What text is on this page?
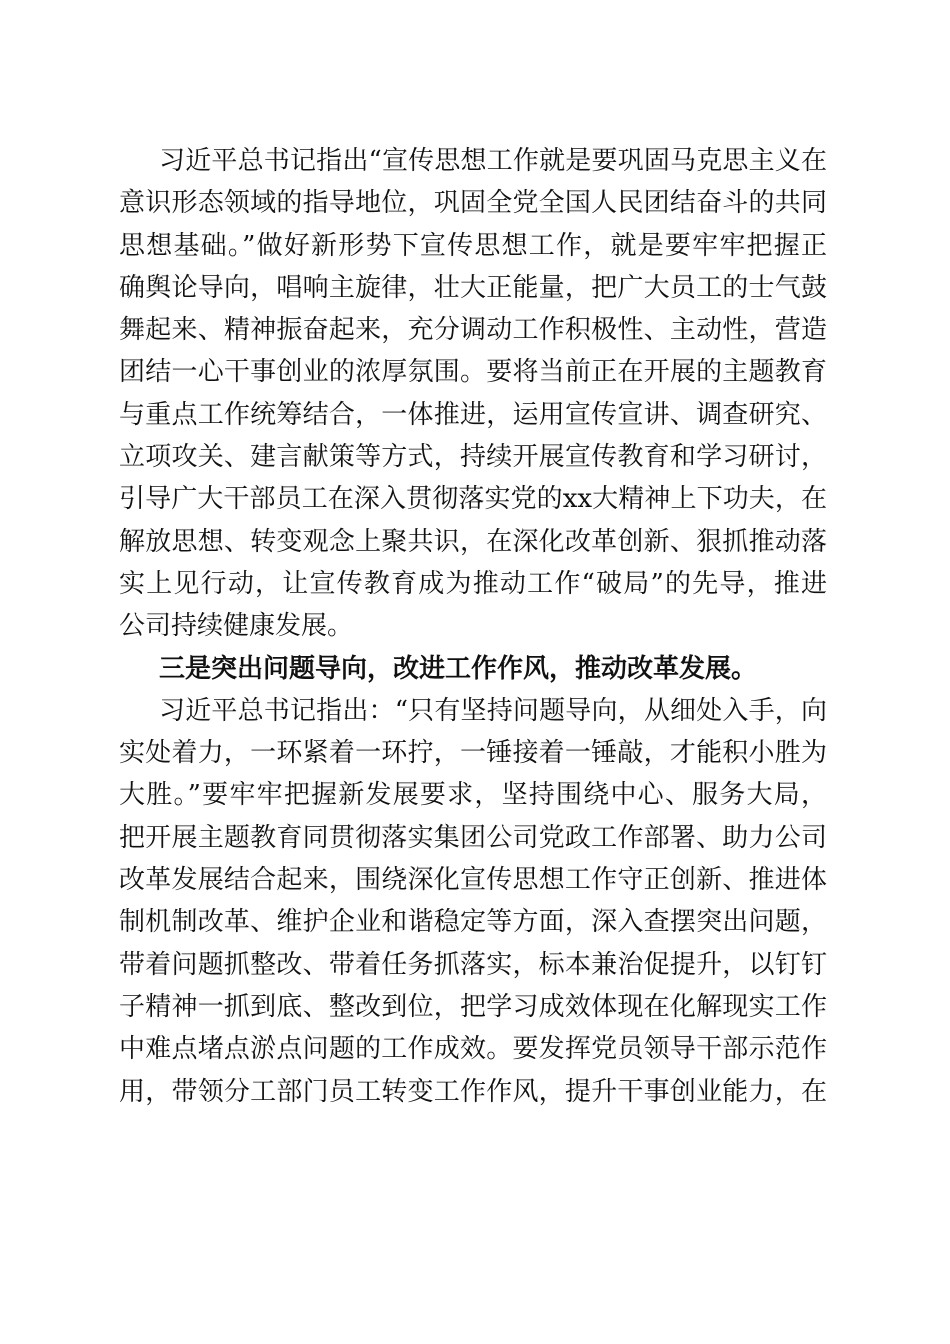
习近平总书记指出“宣传思想工作就是要巩固马克思主义在
意识形态领域的指导地位，巩固全党全国人民团结奋斗的共同
思想基础。”做好新形势下宣传思想工作，就是要牢牢把握正
确舆论导向，唱响主旋律，壮大正能量，把广大员工的士气鼓
舞起来、精神振奋起来，充分调动工作积极性、主动性，营造
团结一心干事创业的浓厚氛围。要将当前正在开展的主题教育
与重点工作统筹结合，一体推进，运用宣传宣讲、调查研究、
立项攻关、建言献策等方式，持续开展宣传教育和学习研讨，
引导广大干部员工在深入贯彻落实党的xx大精神上下功夫，在
解放思想、转变观念上聚共识，在深化改革创新、狠抓推动落
实上见行动，让宣传教育成为推动工作“破局”的先导，推进
公司持续健康发展。
三是突出问题导向，改进工作作风，推动改革发展。
习近平总书记指出：“只有坚持问题导向，从细处入手，向
实处着力，一环紧着一环拧，一锤接着一锤敲，才能积小胜为
大胜。”要牢牢把握新发展要求，坚持围绕中心、服务大局，
把开展主题教育同贯彻落实集团公司党政工作部署、助力公司
改革发展结合起来，围绕深化宣传思想工作守正创新、推进体
制机制改革、维护企业和谐稳定等方面，深入查摆突出问题，
带着问题抓整改、带着任务抓落实，标本兼治促提升，以钉钉
子精神一抓到底、整改到位，把学习成效体现在化解现实工作
中难点堵点淤点问题的工作成效。要发挥党员领导干部示范作
用，带领分工部门员工转变工作作风，提升干事创业能力，在
